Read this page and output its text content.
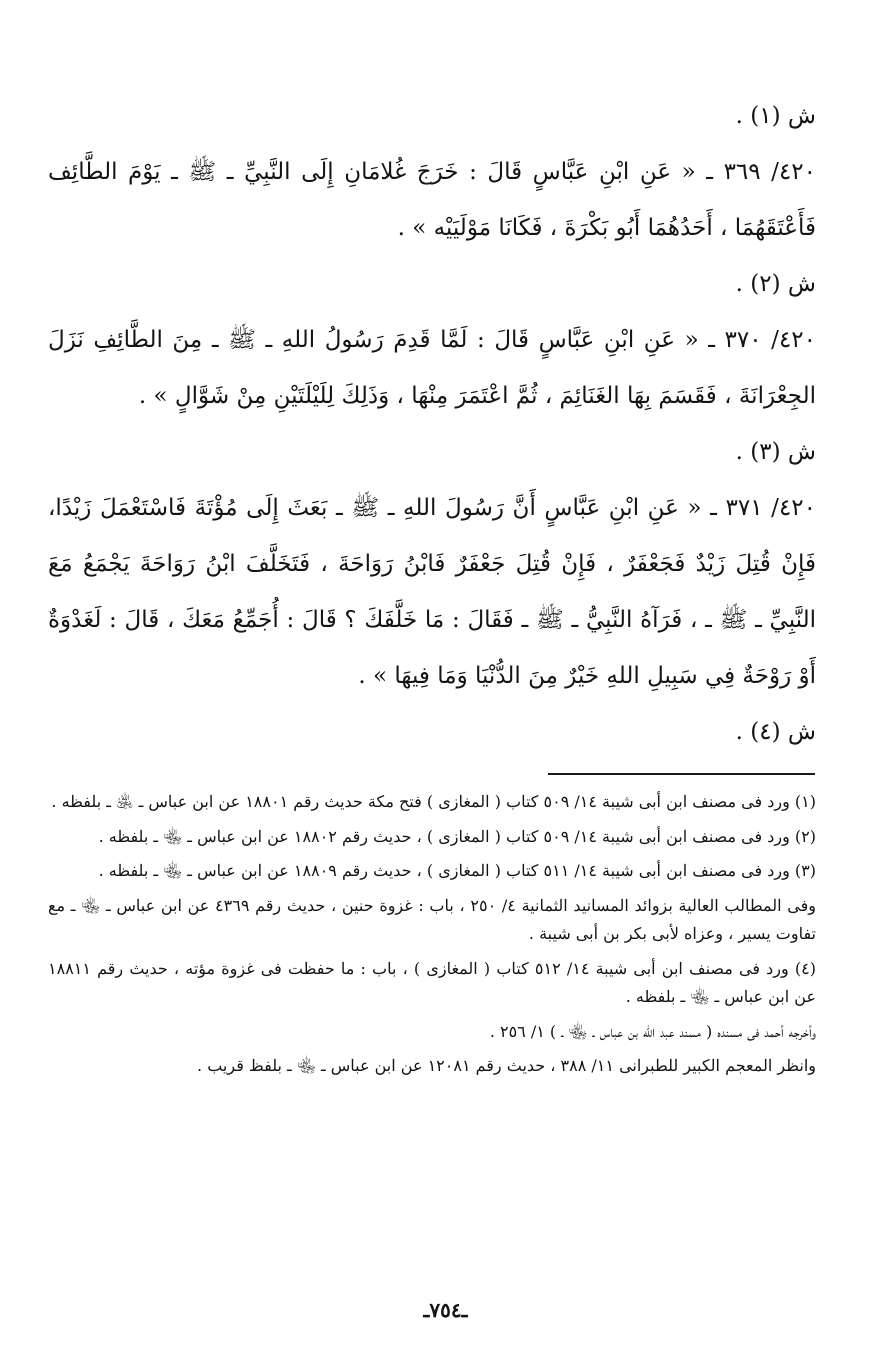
ش (١) .

٤٢٠/ ٣٦٩ ـ « عَنِ ابْنِ عَبَّاسٍ قَالَ : خَرَجَ غُلامَانِ إِلَى النَّبِيِّ ـ ﷺ ـ يَوْمَ الطَّائِف فَأَعْتَقَهُمَا ، أَحَدُهُمَا أَبُو بَكْرَةَ ، فَكَانَا مَوْلَيَيْه » .

ش (٢) .

٤٢٠/ ٣٧٠ ـ « عَنِ ابْنِ عَبَّاسٍ قَالَ : لَمَّا قَدِمَ رَسُولُ اللهِ ـ ﷺ ـ مِنَ الطَّائِفِ نَزَلَ الجِعْرَانَةَ ، فَقَسَمَ بِهَا الغَنَائِمَ ، ثُمَّ اعْتَمَرَ مِنْهَا ، وَذَلِكَ لِلَيْلَتَيْنِ مِنْ شَوَّالٍ » .

ش (٣) .

٤٢٠/ ٣٧١ ـ « عَنِ ابْنِ عَبَّاسٍ أَنَّ رَسُولَ اللهِ ـ ﷺ ـ بَعَثَ إِلَى مُؤْتَةَ فَاسْتَعْمَلَ زَيْدًا، فَإِنْ قُتِلَ زَيْدٌ فَجَعْفَرٌ ، فَإِنْ قُتِلَ جَعْفَرٌ فَابْنُ رَوَاحَةَ ، فَتَخَلَّفَ ابْنُ رَوَاحَةَ يَجْمَعُ مَعَ النَّبِيِّ ـ ﷺ ـ ، فَرَآهُ النَّبِيُّ ـ ﷺ ـ فَقَالَ : مَا خَلَّفَكَ ؟ قَالَ : أُجَمِّعُ مَعَكَ ، قَالَ : لَغَدْوَةٌ أَوْ رَوْحَةٌ فِي سَبِيلِ اللهِ خَيْرٌ مِنَ الدُّنْيَا وَمَا فِيهَا » .

ش (٤) .

(١) ورد فى مصنف ابن أبى شيبة ١٤/ ٥٠٩ كتاب ( المغازى ) فتح مكة حديث رقم ١٨٨٠١ عن ابن عباس ـ ﵁ ـ بلفظه .

(٢) ورد فى مصنف ابن أبى شيبة ١٤/ ٥٠٩ كتاب ( المغازى ) ، حديث رقم ١٨٨٠٢ عن ابن عباس ـ ﵄ ـ بلفظه .

(٣) ورد فى مصنف ابن أبى شيبة ١٤/ ٥١١ كتاب ( المغازى ) ، حديث رقم ١٨٨٠٩ عن ابن عباس ـ ﵄ ـ بلفظه .

وفى المطالب العالية بزوائد المسانيد الثمانية ٤/ ٢٥٠ ، باب : غزوة حنين ، حديث رقم ٤٣٦٩ عن ابن عباس ـ ﵄ ـ مع تفاوت يسير ، وعزاه لأبى بكر بن أبى شيبة .

(٤) ورد فى مصنف ابن أبى شيبة ١٤/ ٥١٢ كتاب ( المغازى ) ، باب : ما حفظت فى غزوة مؤته ، حديث رقم ١٨٨١١ عن ابن عباس ـ ﵄ ـ بلفظه .

وأخرجه أحمد فى مسنده ( مسند عبد الله بن عباس ـ ﵄ ـ ) ١/ ٢٥٦ .

وانظر المعجم الكبير للطبرانى ١١/ ٣٨٨ ، حديث رقم ١٢٠٨١ عن ابن عباس ـ ﵄ ـ بلفظ قريب .

ـ٧٥٤ـ
